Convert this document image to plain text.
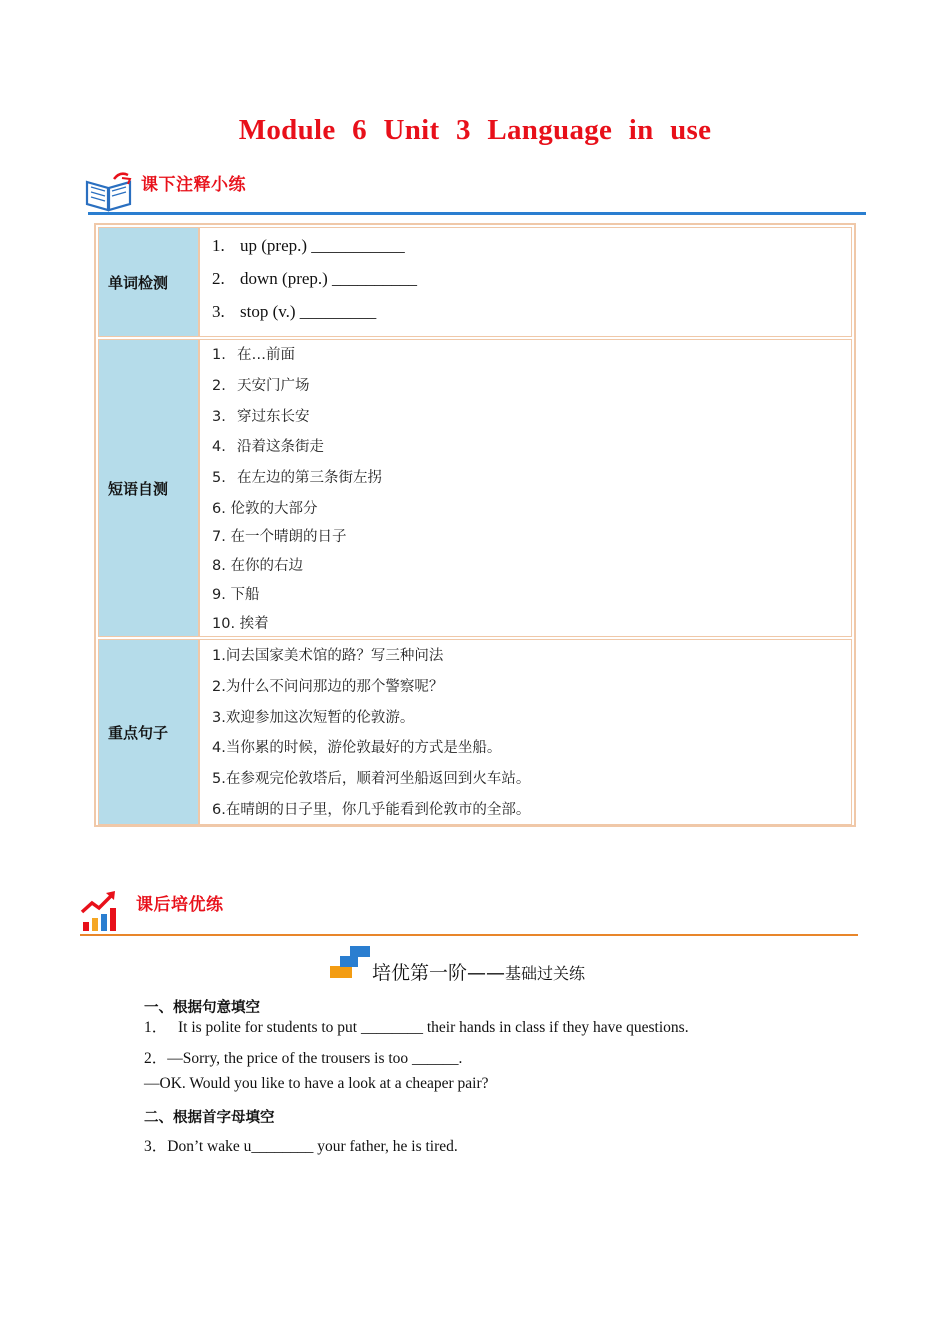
Module 6 Unit 3 Language in use
课下注释小练
单词检测
1. up (prep.) ___________
2. down (prep.) __________
3. stop (v.) _________
短语自测
1. 在…前面
2. 天安门广场
3. 穿过东长安
4. 沿着这条街走
5. 在左边的第三条街左拐
6. 伦敦的大部分
7. 在一个晴朗的日子
8. 在你的右边
9. 下船
10. 挨着
重点句子
1.问去国家美术馆的路？写三种问法
2.为什么不问问那边的那个警察呢？
3.欢迎参加这次短暂的伦敦游。
4.当你累的时候，游伦敦最好的方式是坐船。
5.在参观完伦敦塔后，顺着河坐船返回到火车站。
6.在晴朗的日子里，你几乎能看到伦敦市的全部。
课后培优练
培优第一阶——基础过关练
一、根据句意填空
1． It is polite for students to put ________ their hands in class if they have questions.
2．—Sorry, the price of the trousers is too ______.
—OK. Would you like to have a look at a cheaper pair?
二、根据首字母填空
3．Don’t wake u________ your father, he is tired.
